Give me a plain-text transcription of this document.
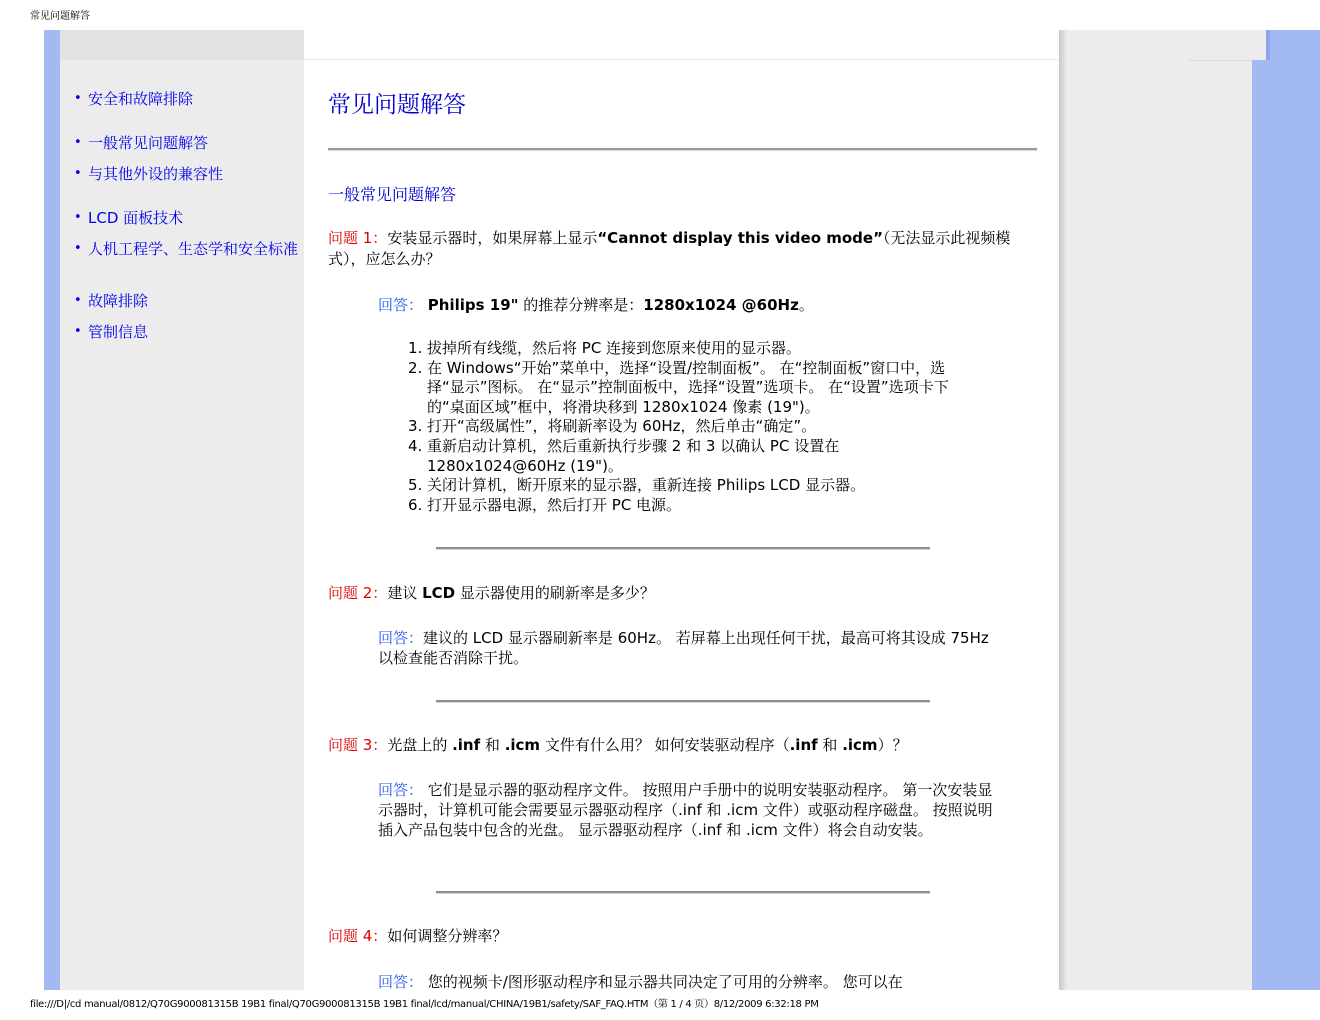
常见问题解答
• 安全和故障排除
• 一般常见问题解答
• 与其他外设的兼容性
• LCD 面板技术
• 人机工程学、生态学和安全标准
• 故障排除
• 管制信息
常见问题解答
一般常见问题解答
问题 1：安装显示器时，如果屏幕上显示“Cannot display this video mode”（无法显示此视频模式），应怎么办？
回答： Philips 19" 的推荐分辨率是：1280x1024 @60Hz。
1. 拔掉所有线缆，然后将 PC 连接到您原来使用的显示器。
2. 在 Windows“开始”菜单中，选择“设置/控制面板”。 在“控制面板”窗口中，选择“显示”图标。 在“显示”控制面板中，选择“设置”选项卡。 在“设置”选项卡下的“桌面区域”框中，将滑块移到 1280x1024 像素 (19")。
3. 打开“高级属性”，将刷新率设为 60Hz，然后单击“确定”。
4. 重新启动计算机，然后重新执行步骤 2 和 3 以确认 PC 设置在 1280x1024@60Hz (19")。
5. 关闭计算机，断开原来的显示器，重新连接 Philips LCD 显示器。
6. 打开显示器电源，然后打开 PC 电源。
问题 2：建议 LCD 显示器使用的刷新率是多少？
回答：建议的 LCD 显示器刷新率是 60Hz。 若屏幕上出现任何干扰，最高可将其设成 75Hz 以检查能否消除干扰。
问题 3：光盘上的 .inf 和 .icm 文件有什么用？ 如何安装驱动程序（.inf 和 .icm）？
回答： 它们是显示器的驱动程序文件。 按照用户手册中的说明安装驱动程序。 第一次安装显示器时，计算机可能会需要显示器驱动程序（.inf 和 .icm 文件）或驱动程序磁盘。 按照说明插入产品包装中包含的光盘。 显示器驱动程序（.inf 和 .icm 文件）将会自动安装。
问题 4：如何调整分辨率？
回答： 您的视频卡/图形驱动程序和显示器共同决定了可用的分辨率。 您可以在
file:///D|/cd manual/0812/Q70G900081315B 19B1 final/Q70G900081315B 19B1 final/lcd/manual/CHINA/19B1/safety/SAF_FAQ.HTM（第 1 / 4 页）8/12/2009 6:32:18 PM
